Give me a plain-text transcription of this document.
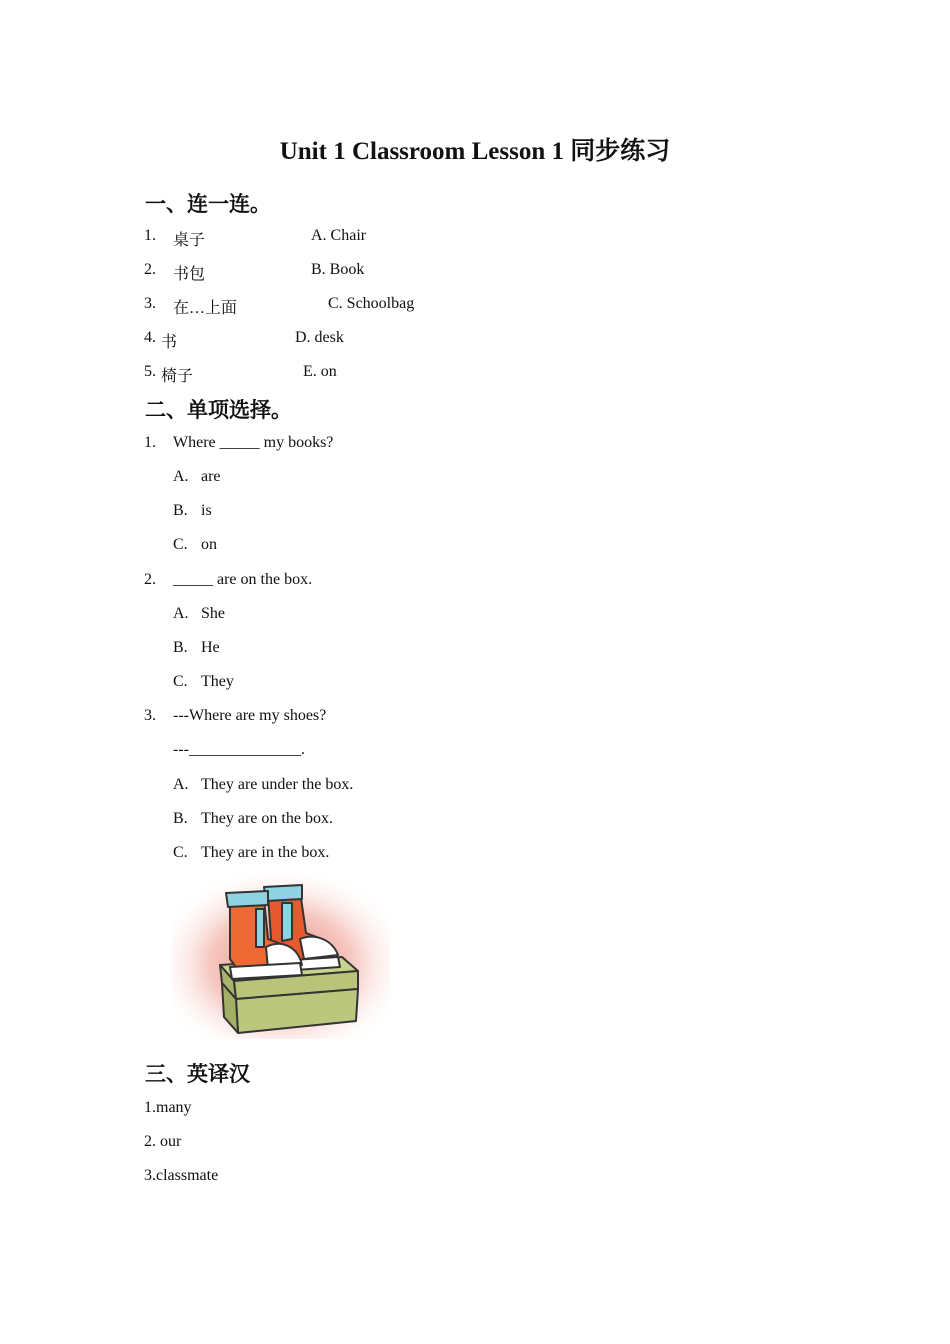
Unit 1 Classroom Lesson 1 同步练习
一、连一连。
1. 桌子	A. Chair
2. 书包	B. Book
3. 在…上面	C. Schoolbag
4. 书	D. desk
5. 椅子	E. on
二、单项选择。
1. Where _____ my books?
A. are
B. is
C. on
2. _____ are on the box.
A. She
B. He
C. They
3. ---Where are my shoes?
---______________.
A. They are under the box.
B. They are on the box.
C. They are in the box.
三、英译汉
1.many
2. our
3.classmate
